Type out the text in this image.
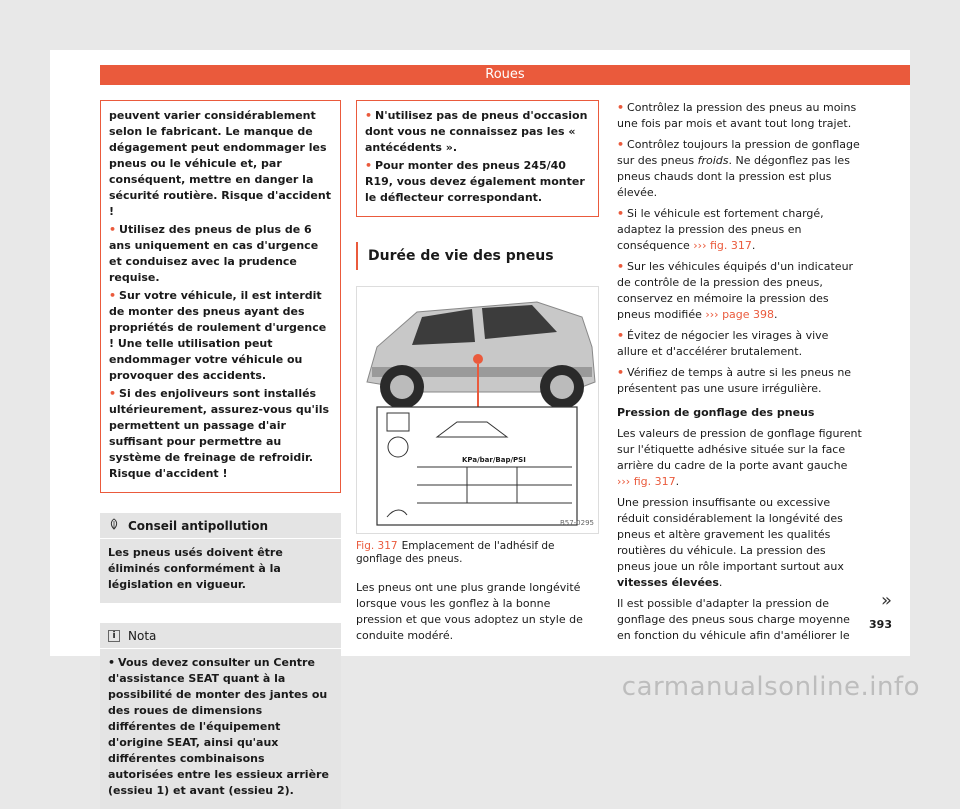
Roues

peuvent varier considérablement selon le fabricant. Le manque de dégagement peut endommager les pneus ou le véhicule et, par conséquent, mettre en danger la sécurité routière. Risque d'accident !

• Utilisez des pneus de plus de 6 ans uniquement en cas d'urgence et conduisez avec la prudence requise.

• Sur votre véhicule, il est interdit de monter des pneus ayant des propriétés de roulement d'urgence ! Une telle utilisation peut endommager votre véhicule ou provoquer des accidents.

• Si des enjoliveurs sont installés ultérieurement, assurez-vous qu'ils permettent un passage d'air suffisant pour permettre au système de freinage de refroidir. Risque d'accident !

Conseil antipollution
Les pneus usés doivent être éliminés conformément à la législation en vigueur.
i	Nota
• Vous devez consulter un Centre d'assistance SEAT quant à la possibilité de monter des jantes ou des roues de dimensions différentes de l'équipement d'origine SEAT, ainsi qu'aux différentes combinaisons autorisées entre les essieux arrière (essieu 1) et avant (essieu 2).

• N'utilisez pas de pneus d'occasion dont vous ne connaissez pas les « antécédents ».

• Pour monter des pneus 245/40 R19, vous devez également monter le déflecteur correspondant.

Durée de vie des pneus
KPa/bar/Bap/PSI
B57-0295
Fig. 317 Emplacement de l'adhésif de gonflage des pneus.

Les pneus ont une plus grande longévité lorsque vous les gonflez à la bonne pression et que vous adoptez un style de conduite modéré.

• Contrôlez la pression des pneus au moins une fois par mois et avant tout long trajet.

• Contrôlez toujours la pression de gonflage sur des pneus froids. Ne dégonflez pas les pneus chauds dont la pression est plus élevée.

• Si le véhicule est fortement chargé, adaptez la pression des pneus en conséquence ››› fig. 317.

• Sur les véhicules équipés d'un indicateur de contrôle de la pression des pneus, conservez en mémoire la pression des pneus modifiée ››› page 398.

• Évitez de négocier les virages à vive allure et d'accélérer brutalement.

• Vérifiez de temps à autre si les pneus ne présentent pas une usure irrégulière.

Pression de gonflage des pneus

Les valeurs de pression de gonflage figurent sur l'étiquette adhésive située sur la face arrière du cadre de la porte avant gauche ››› fig. 317.

Une pression insuffisante ou excessive réduit considérablement la longévité des pneus et altère gravement les qualités routières du véhicule. La pression des pneus joue un rôle important surtout aux vitesses élevées.

Il est possible d'adapter la pression de gonflage des pneus sous charge moyenne en fonction du véhicule afin d'améliorer le

»
393
carmanualsonline.info
